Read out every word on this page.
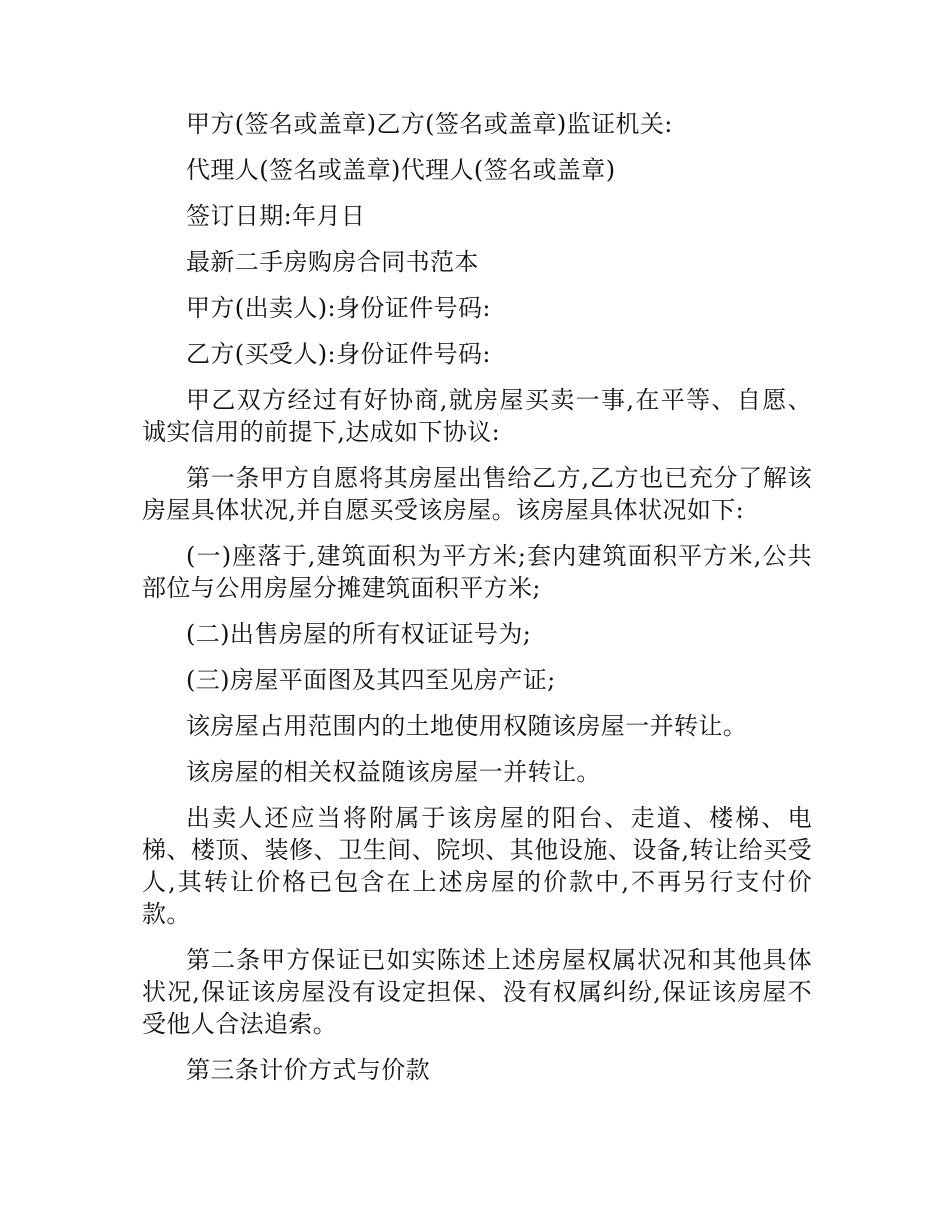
甲方(签名或盖章)乙方(签名或盖章)监证机关:

代理人(签名或盖章)代理人(签名或盖章)

签订日期:年月日

最新二手房购房合同书范本

甲方(出卖人):身份证件号码:

乙方(买受人):身份证件号码:

甲乙双方经过有好协商,就房屋买卖一事,在平等、自愿、诚实信用的前提下,达成如下协议:

第一条甲方自愿将其房屋出售给乙方,乙方也已充分了解该房屋具体状况,并自愿买受该房屋。该房屋具体状况如下:

(一)座落于,建筑面积为平方米;套内建筑面积平方米,公共部位与公用房屋分摊建筑面积平方米;

(二)出售房屋的所有权证证号为;

(三)房屋平面图及其四至见房产证;

该房屋占用范围内的土地使用权随该房屋一并转让。

该房屋的相关权益随该房屋一并转让。

出卖人还应当将附属于该房屋的阳台、走道、楼梯、电梯、楼顶、装修、卫生间、院坝、其他设施、设备,转让给买受人,其转让价格已包含在上述房屋的价款中,不再另行支付价款。

第二条甲方保证已如实陈述上述房屋权属状况和其他具体状况,保证该房屋没有设定担保、没有权属纠纷,保证该房屋不受他人合法追索。

第三条计价方式与价款
